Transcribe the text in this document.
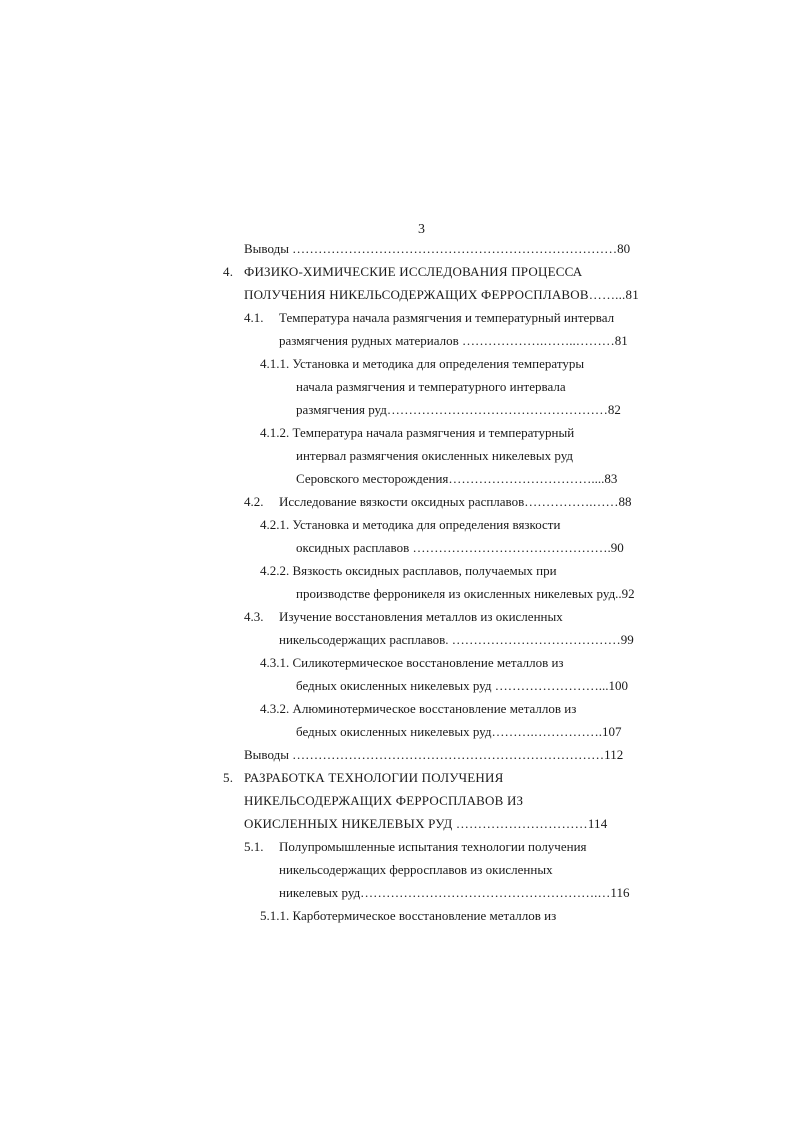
3
Выводы …………………………………………………………………80
4. ФИЗИКО-ХИМИЧЕСКИЕ ИССЛЕДОВАНИЯ ПРОЦЕССА
ПОЛУЧЕНИЯ НИКЕЛЬСОДЕРЖАЩИХ ФЕРРОСПЛАВОВ……...81
4.1. Температура начала размягчения и температурный интервал
размягчения рудных материалов ……………….……..………81
4.1.1. Установка и методика для определения температуры
начала размягчения и температурного интервала
размягчения руд……………………………………………82
4.1.2. Температура начала размягчения и температурный
интервал размягчения окисленных никелевых руд
Серовского месторождения……………………………....83
4.2. Исследование вязкости оксидных расплавов…………….……88
4.2.1. Установка и методика для определения вязкости
оксидных расплавов ……………………………………….90
4.2.2. Вязкость оксидных расплавов, получаемых при
производстве ферроникеля из окисленных никелевых руд..92
4.3. Изучение восстановления металлов из окисленных
никельсодержащих расплавов. …………………………………99
4.3.1. Силикотермическое восстановление металлов из
бедных окисленных никелевых руд ……………………...100
4.3.2. Алюминотермическое восстановление металлов из
бедных окисленных никелевых руд……….…………….107
Выводы ………………………………………………………………112
5. РАЗРАБОТКА ТЕХНОЛОГИИ ПОЛУЧЕНИЯ
НИКЕЛЬСОДЕРЖАЩИХ ФЕРРОСПЛАВОВ ИЗ
ОКИСЛЕННЫХ НИКЕЛЕВЫХ РУД …………………………114
5.1. Полупромышленные испытания технологии получения
никельсодержащих ферросплавов из окисленных
никелевых руд……………………………………………….…116
5.1.1. Карботермическое восстановление металлов из
